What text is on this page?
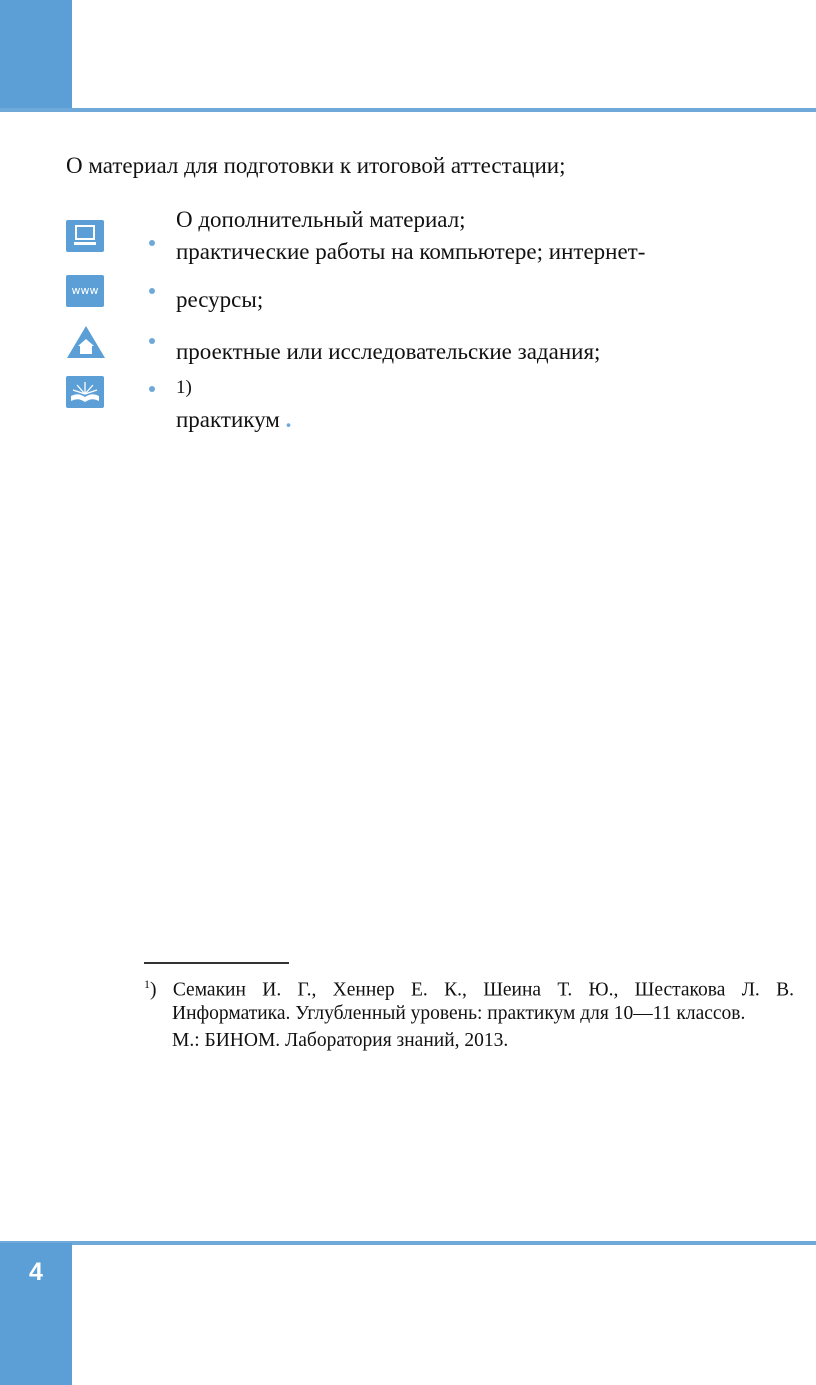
О материал для подготовки к итоговой аттестации;
О дополнительный материал;
практические работы на компьютере; интернет-
ресурсы;
проектные или исследовательские задания;
1)
практикум .
www
$^1$) Семакин И. Г., Хеннер Е. К., Шеина Т. Ю., Шестакова Л. В.
Информатика. Углубленный уровень: практикум для 10—11 классов.
М.: БИНОМ. Лаборатория знаний, 2013.
4
